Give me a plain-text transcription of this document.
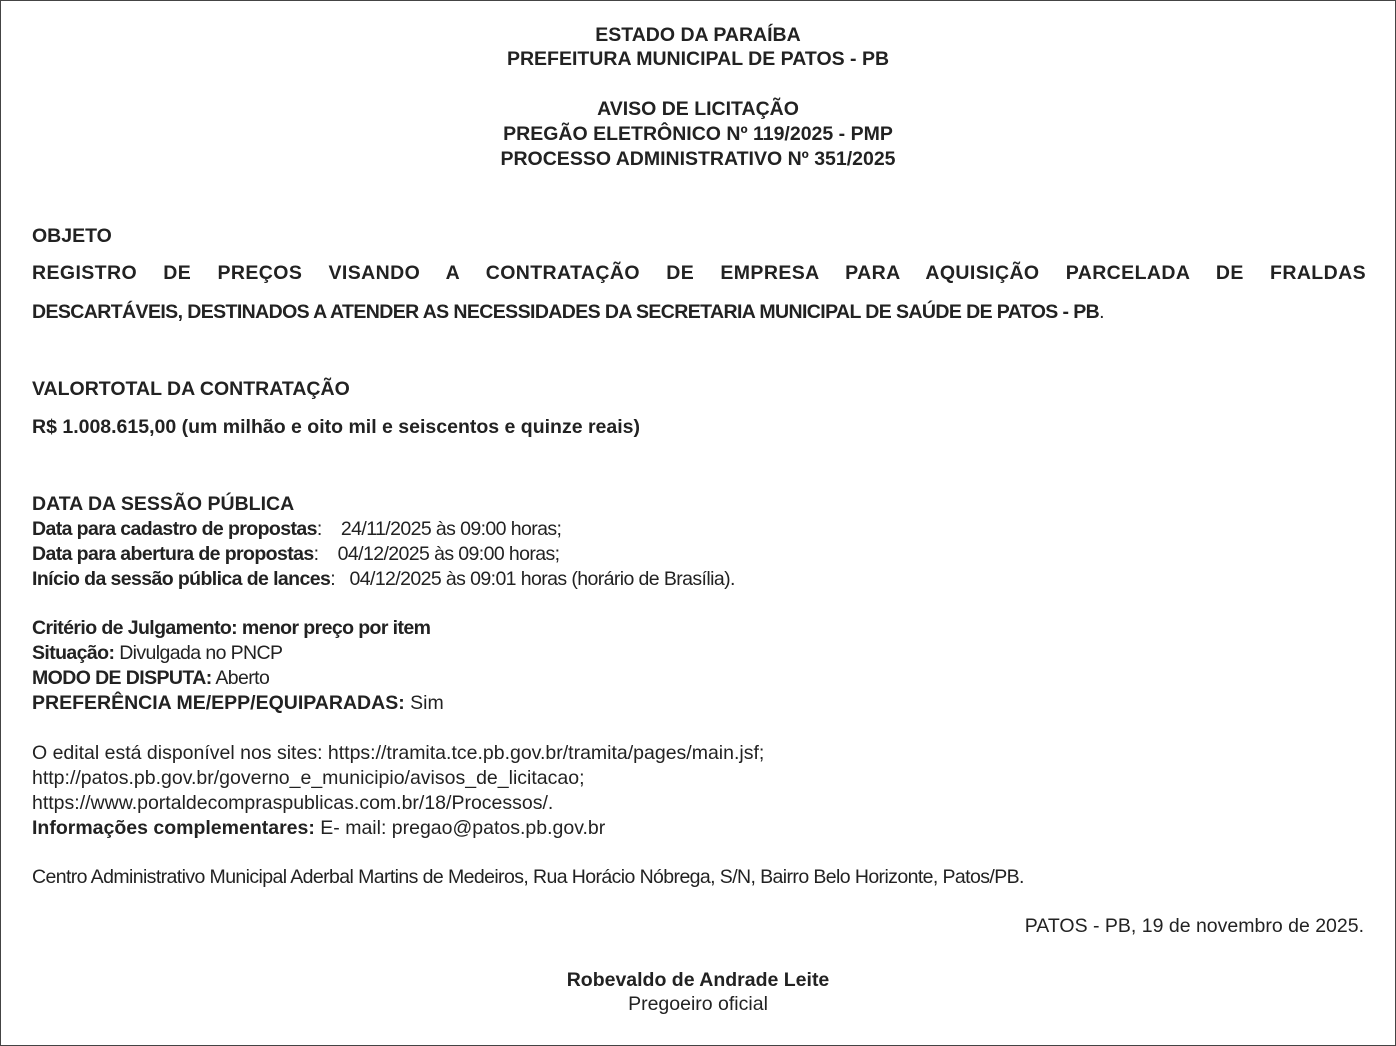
ESTADO DA PARAÍBA
PREFEITURA MUNICIPAL DE PATOS - PB
AVISO DE LICITAÇÃO
PREGÃO ELETRÔNICO Nº 119/2025 - PMP
PROCESSO ADMINISTRATIVO Nº 351/2025
OBJETO
REGISTRO DE PREÇOS VISANDO A CONTRATAÇÃO DE EMPRESA PARA AQUISIÇÃO PARCELADA DE FRALDAS
DESCARTÁVEIS, DESTINADOS A ATENDER AS NECESSIDADES DA SECRETARIA MUNICIPAL DE SAÚDE DE PATOS - PB.
VALORTOTAL DA CONTRATAÇÃO
R$ 1.008.615,00 (um milhão e oito mil e seiscentos e quinze reais)
DATA DA SESSÃO PÚBLICA
Data para cadastro de propostas:    24/11/2025 às 09:00 horas;
Data para abertura de propostas:    04/12/2025 às 09:00 horas;
Início da sessão pública de lances:   04/12/2025 às 09:01 horas (horário de Brasília).
Critério de Julgamento: menor preço por item
Situação: Divulgada no PNCP
MODO DE DISPUTA: Aberto
PREFERÊNCIA ME/EPP/EQUIPARADAS: Sim
O edital está disponível nos sites: https://tramita.tce.pb.gov.br/tramita/pages/main.jsf;
http://patos.pb.gov.br/governo_e_municipio/avisos_de_licitacao;
https://www.portaldecompraspublicas.com.br/18/Processos/.
Informações complementares: E- mail: pregao@patos.pb.gov.br
Centro Administrativo Municipal Aderbal Martins de Medeiros, Rua Horácio Nóbrega, S/N, Bairro Belo Horizonte, Patos/PB.
PATOS - PB, 19 de novembro de 2025.
Robevaldo de Andrade Leite
Pregoeiro oficial
